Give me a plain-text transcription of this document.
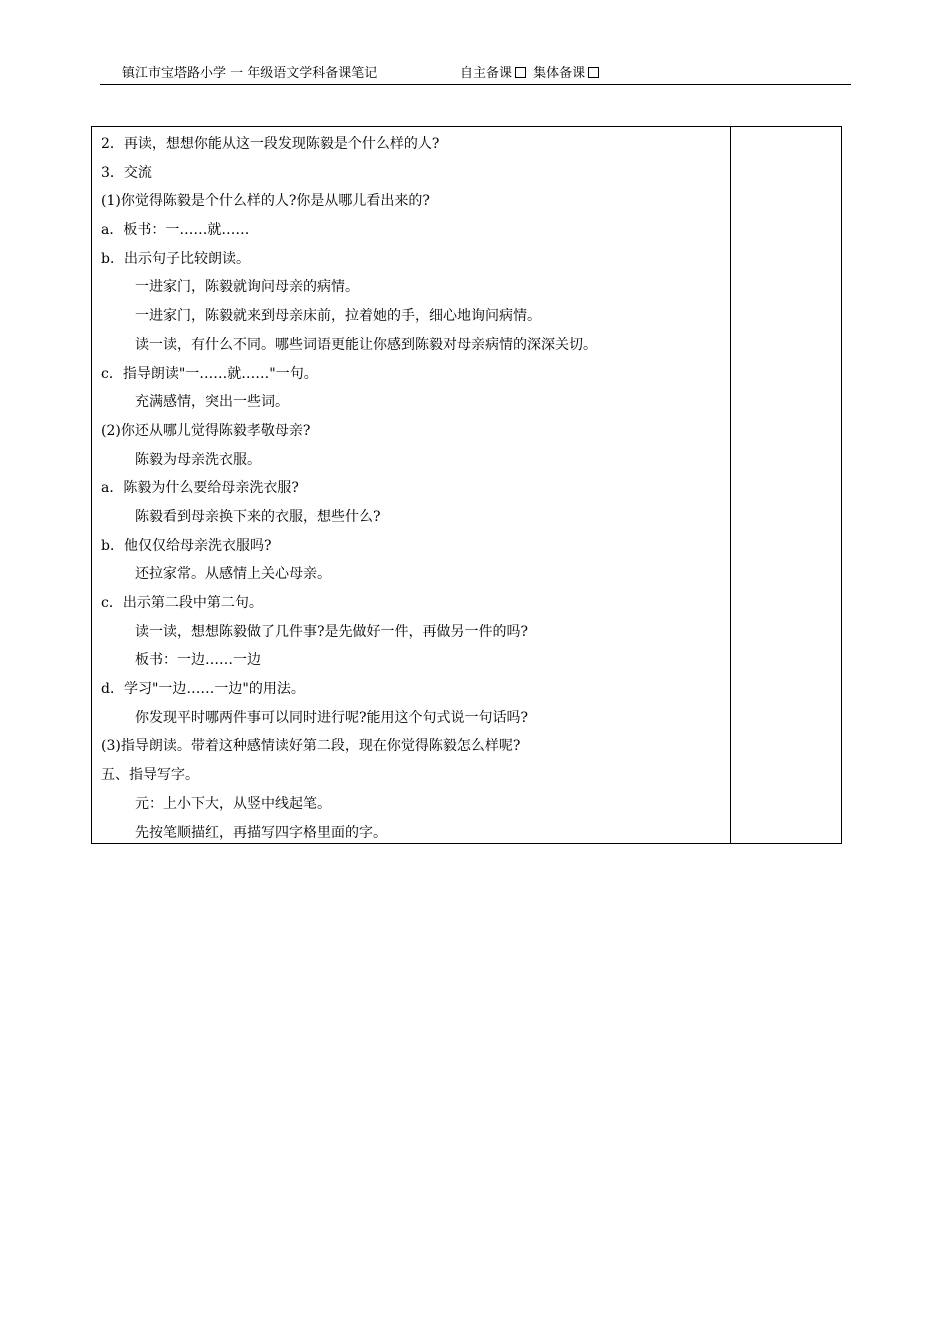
镇江市宝塔路小学 一 年级语文学科备课笔记	自主备课 集体备课
2．再读，想想你能从这一段发现陈毅是个什么样的人?
3．交流
(1)你觉得陈毅是个什么样的人?你是从哪儿看出来的?
a．板书：一……就……
b．出示句子比较朗读。
一进家门，陈毅就询问母亲的病情。
一进家门，陈毅就来到母亲床前，拉着她的手，细心地询问病情。
读一读，有什么不同。哪些词语更能让你感到陈毅对母亲病情的深深关切。
c．指导朗读"一……就……"一句。
充满感情，突出一些词。
(2)你还从哪儿觉得陈毅孝敬母亲?
陈毅为母亲洗衣服。
a．陈毅为什么要给母亲洗衣服?
陈毅看到母亲换下来的衣服，想些什么?
b．他仅仅给母亲洗衣服吗?
还拉家常。从感情上关心母亲。
c．出示第二段中第二句。
读一读，想想陈毅做了几件事?是先做好一件，再做另一件的吗?
板书：一边……一边
d．学习"一边……一边"的用法。
你发现平时哪两件事可以同时进行呢?能用这个句式说一句话吗?
(3)指导朗读。带着这种感情读好第二段，现在你觉得陈毅怎么样呢?
五、指导写字。
元：上小下大，从竖中线起笔。
先按笔顺描红，再描写四字格里面的字。
